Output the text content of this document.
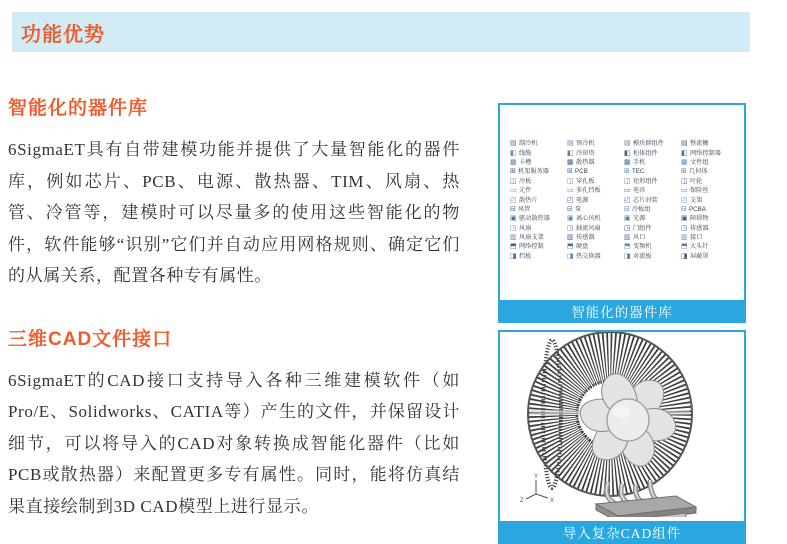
功能优势
智能化的器件库

6SigmaET具有自带建模功能并提供了大量智能化的器件库，例如芯片、PCB、电源、散热器、TIM、风扇、热管、冷管等，建模时可以尽量多的使用这些智能化的物件，软件能够“识别”它们并自动应用网格规则、确定它们的从属关系，配置各种专有属性。

三维CAD文件接口

6SigmaET的CAD接口支持导入各种三维建模软件（如Pro/E、Solidworks、CATIA等）产生的文件，并保留设计细节，可以将导入的CAD对象转换成智能化器件（比如PCB或散热器）来配置更多专有属性。同时，能将仿真结果直接绘制到3D CAD模型上进行显示。

▤ 制冷机
◧ 线缆
▦ 卡槽
⊞ 机架服务器
◫ 冷板
▭ 元件
◰ 散热片
⊟ 风管
▣ 驱动散热器
◳ 风扇
▥ 风扇支架
⬒ 网络控制
◨ 挡板
▤ 预冷机
◧ 冷却塔
▦ 散热器
⊞ PCB
◫ 穿孔板
▭ 多孔挡板
◰ 电源
⊟ 泵
▣ 离心风机
◳ 轴流风扇
▥ 传感器
⬒ 硬盘
◨ 热交换器
▤ 模块群组件
◧ 柜体组件
▦ 手机
⊞ TEC
◫ 矩形组件
▭ 电容
◰ 芯片封装
⊟ 冷板组
▣ 光源
◳ 门组件
▥ 风口
⬒ 变频机
◨ 对流板
▤ 整流栅
◧ 网络控制器
▦ 文件组
⊞ 几何体
◫ 叶轮
▭ 保险丝
◰ 支架
⊟ PCBA
▣ 障碍物
◳ 传感器
▥ 接口
⬒ 大头针
◨ 屏蔽罩
智能化的器件库
Y
Z	X
导入复杂CAD组件
